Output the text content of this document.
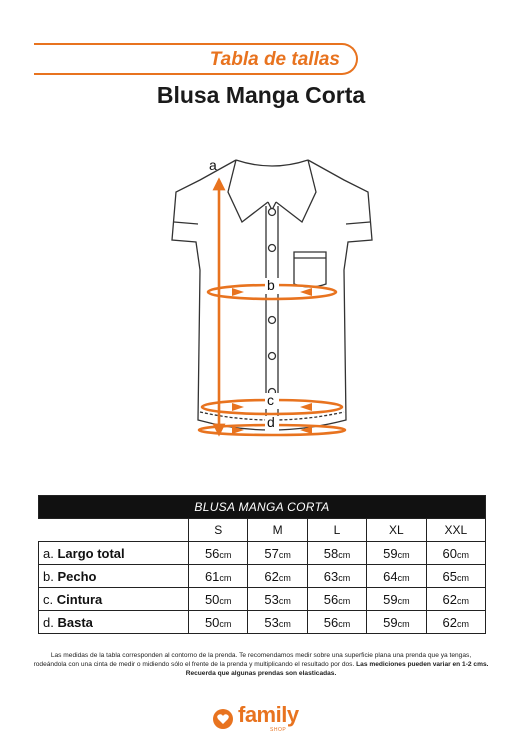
Tabla de tallas
Blusa Manga Corta
a
b
c
d
BLUSA MANGA CORTA					
	S	M	L	XL	XXL
a. Largo total	56cm	57cm	58cm	59cm	60cm
b. Pecho	61cm	62cm	63cm	64cm	65cm
c. Cintura	50cm	53cm	56cm	59cm	62cm
d. Basta	50cm	53cm	56cm	59cm	62cm
Las medidas de la tabla corresponden al contorno de la prenda. Te recomendamos medir sobre una superficie plana una prenda que ya tengas,
rodeándola con una cinta de medir o midiendo sólo el frente de la prenda y multiplicando el resultado por dos. Las mediciones pueden variar en 1-2 cms.
Recuerda que algunas prendas son elasticadas.
family
SHOP
